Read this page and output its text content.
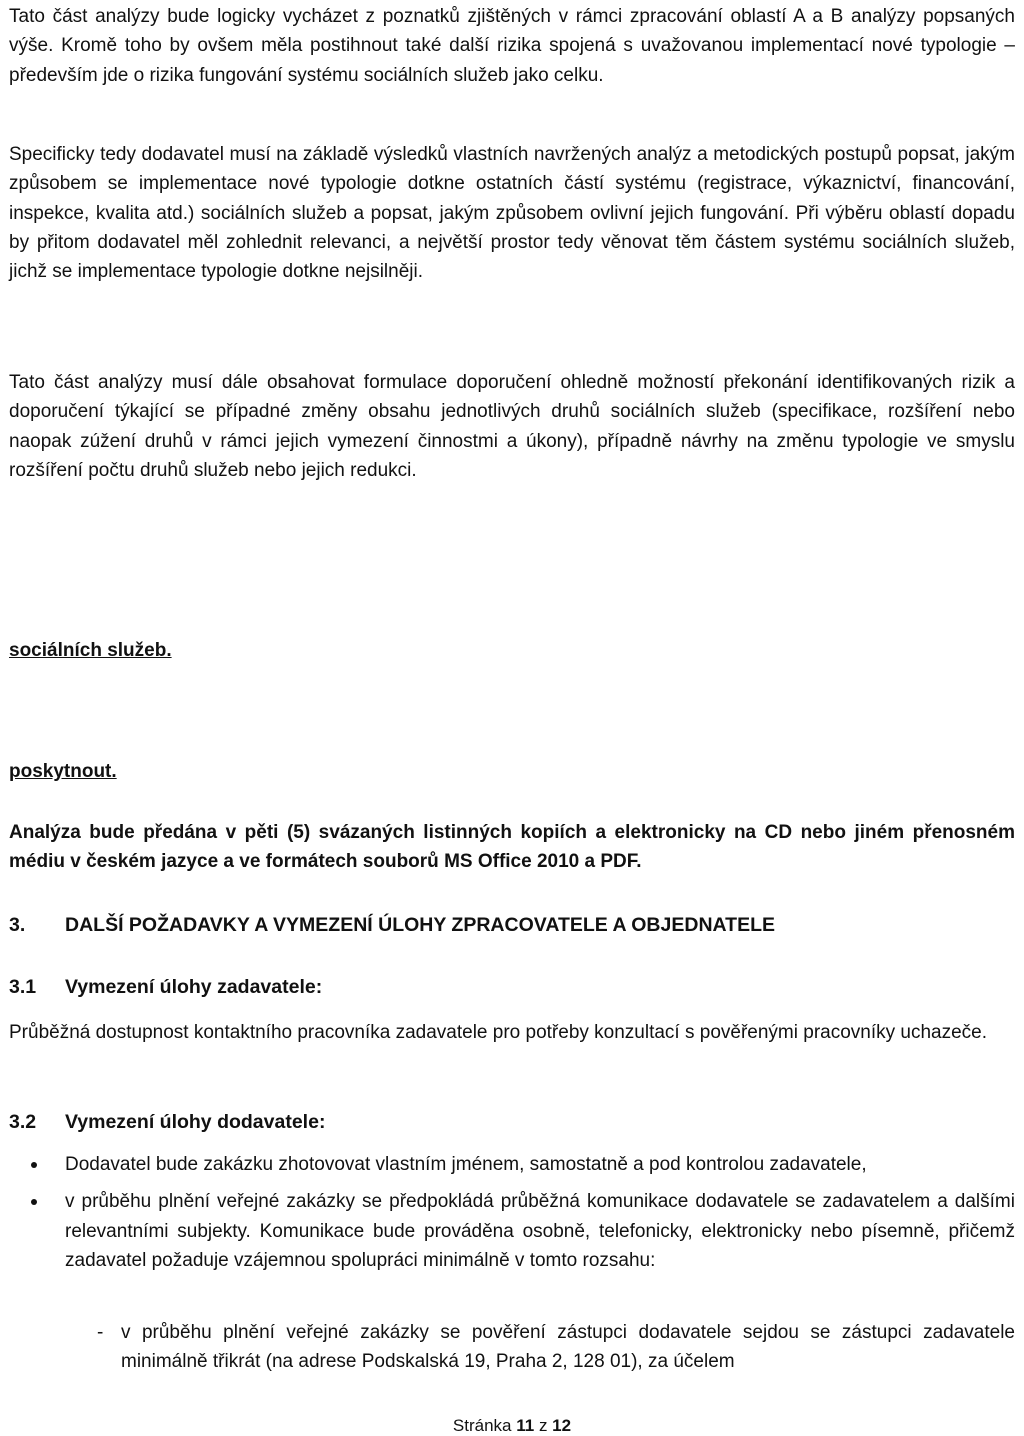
Tato část analýzy bude logicky vycházet z poznatků zjištěných v rámci zpracování oblastí A a B analýzy popsaných výše. Kromě toho by ovšem měla postihnout také další rizika spojená s uvažovanou implementací nové typologie – především jde o rizika fungování systému sociálních služeb jako celku.

Specificky tedy dodavatel musí na základě výsledků vlastních navržených analýz a metodických postupů popsat, jakým způsobem se implementace nové typologie dotkne ostatních částí systému (registrace, výkaznictví, financování, inspekce, kvalita atd.) sociálních služeb a popsat, jakým způsobem ovlivní jejich fungování. Při výběru oblastí dopadu by přitom dodavatel měl zohlednit relevanci, a největší prostor tedy věnovat těm částem systému sociálních služeb, jichž se implementace typologie dotkne nejsilněji.

Tato část analýzy musí dále obsahovat formulace doporučení ohledně možností překonání identifikovaných rizik a doporučení týkající se případné změny obsahu jednotlivých druhů sociálních služeb (specifikace, rozšíření nebo naopak zúžení druhů v rámci jejich vymezení činnostmi a úkony), případně návrhy na změnu typologie ve smyslu rozšíření počtu druhů služeb nebo jejich redukci.

sociálních služeb.

poskytnout.

Analýza bude předána v pěti (5) svázaných listinných kopiích a elektronicky na CD nebo jiném přenosném médiu v českém jazyce a ve formátech souborů MS Office 2010 a PDF.

3. DALŠÍ POŽADAVKY A VYMEZENÍ ÚLOHY ZPRACOVATELE A OBJEDNATELE

3.1 Vymezení úlohy zadavatele:

Průběžná dostupnost kontaktního pracovníka zadavatele pro potřeby konzultací s pověřenými pracovníky uchazeče.

3.2 Vymezení úlohy dodavatele:

Dodavatel bude zakázku zhotovovat vlastním jménem, samostatně a pod kontrolou zadavatele,
v průběhu plnění veřejné zakázky se předpokládá průběžná komunikace dodavatele se zadavatelem a dalšími relevantními subjekty. Komunikace bude prováděna osobně, telefonicky, elektronicky nebo písemně, přičemž zadavatel požaduje vzájemnou spolupráci minimálně v tomto rozsahu:
- v průběhu plnění veřejné zakázky se pověření zástupci dodavatele sejdou se zástupci zadavatele minimálně třikrát (na adrese Podskalská 19, Praha 2, 128 01), za účelem

Stránka 11 z 12
